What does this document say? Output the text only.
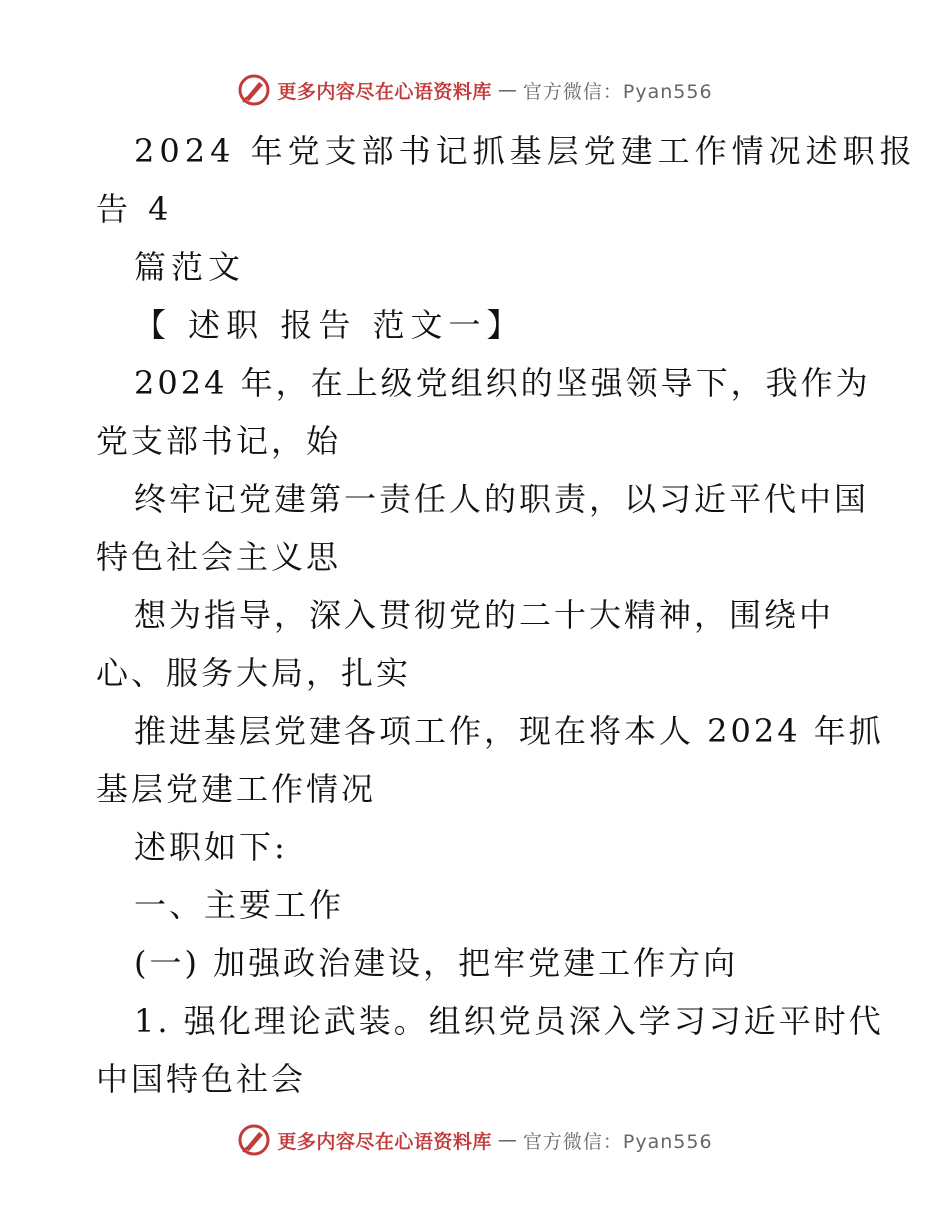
更多内容尽在心语资料库 — 官方微信：Pyan556
2024 年党支部书记抓基层党建工作情况述职报
告 4
篇范文
【 述职 报告 范文一】
2024 年，在上级党组织的坚强领导下，我作为
党支部书记，始
终牢记党建第一责任人的职责，以习近平代中国
特色社会主义思
想为指导，深入贯彻党的二十大精神，围绕中
心、服务大局，扎实
推进基层党建各项工作，现在将本人 2024 年抓
基层党建工作情况
述职如下:
一、主要工作
(一) 加强政治建设，把牢党建工作方向
1. 强化理论武装。组织党员深入学习习近平时代
中国特色社会
更多内容尽在心语资料库 — 官方微信：Pyan556
